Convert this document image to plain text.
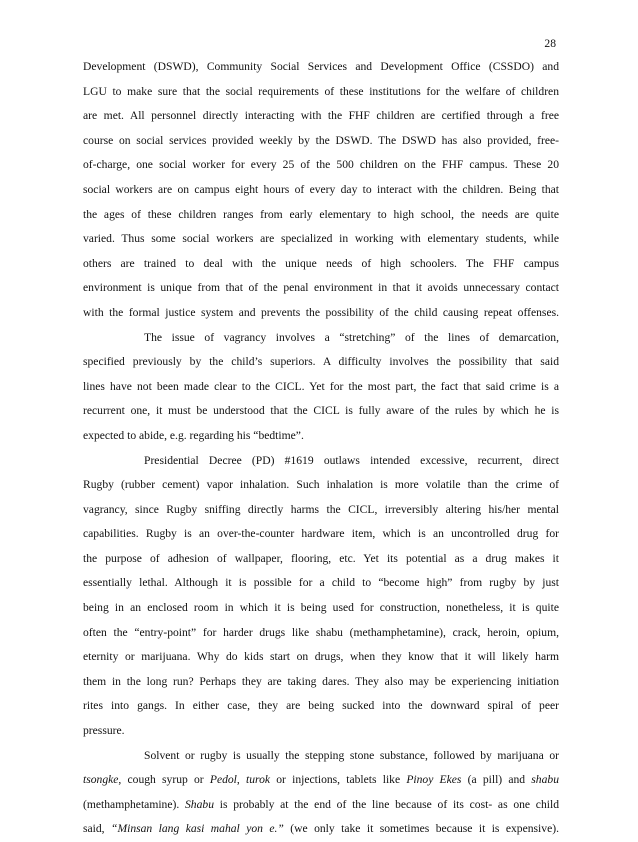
28
Development (DSWD), Community Social Services and Development Office (CSSDO) and
LGU to make sure that the social requirements of these institutions for the welfare of children
are met. All personnel directly interacting with the FHF children are certified through a free
course on social services provided weekly by the DSWD. The DSWD has also provided, free-
of-charge, one social worker for every 25 of the 500 children on the FHF campus. These 20
social workers are on campus eight hours of every day to interact with the children. Being that
the ages of these children ranges from early elementary to high school, the needs are quite
varied. Thus some social workers are specialized in working with elementary students, while
others are trained to deal with the unique needs of high schoolers. The FHF campus
environment is unique from that of the penal environment in that it avoids unnecessary contact
with the formal justice system and prevents the possibility of the child causing repeat offenses.
The issue of vagrancy involves a “stretching” of the lines of demarcation,
specified previously by the child’s superiors. A difficulty involves the possibility that said
lines have not been made clear to the CICL. Yet for the most part, the fact that said crime is a
recurrent one, it must be understood that the CICL is fully aware of the rules by which he is
expected to abide, e.g. regarding his “bedtime”.
Presidential Decree (PD) #1619 outlaws intended excessive, recurrent, direct
Rugby (rubber cement) vapor inhalation. Such inhalation is more volatile than the crime of
vagrancy, since Rugby sniffing directly harms the CICL, irreversibly altering his/her mental
capabilities. Rugby is an over-the-counter hardware item, which is an uncontrolled drug for
the purpose of adhesion of wallpaper, flooring, etc. Yet its potential as a drug makes it
essentially lethal. Although it is possible for a child to “become high” from rugby by just
being in an enclosed room in which it is being used for construction, nonetheless, it is quite
often the “entry-point” for harder drugs like shabu (methamphetamine), crack, heroin, opium,
eternity or marijuana. Why do kids start on drugs, when they know that it will likely harm
them in the long run? Perhaps they are taking dares. They also may be experiencing initiation
rites into gangs. In either case, they are being sucked into the downward spiral of peer
pressure.
Solvent or rugby is usually the stepping stone substance, followed by marijuana or
tsongke, cough syrup or Pedol, turok or injections, tablets like Pinoy Ekes (a pill) and shabu
(methamphetamine). Shabu is probably at the end of the line because of its cost- as one child
said, “Minsan lang kasi mahal yon e.” (we only take it sometimes because it is expensive).
